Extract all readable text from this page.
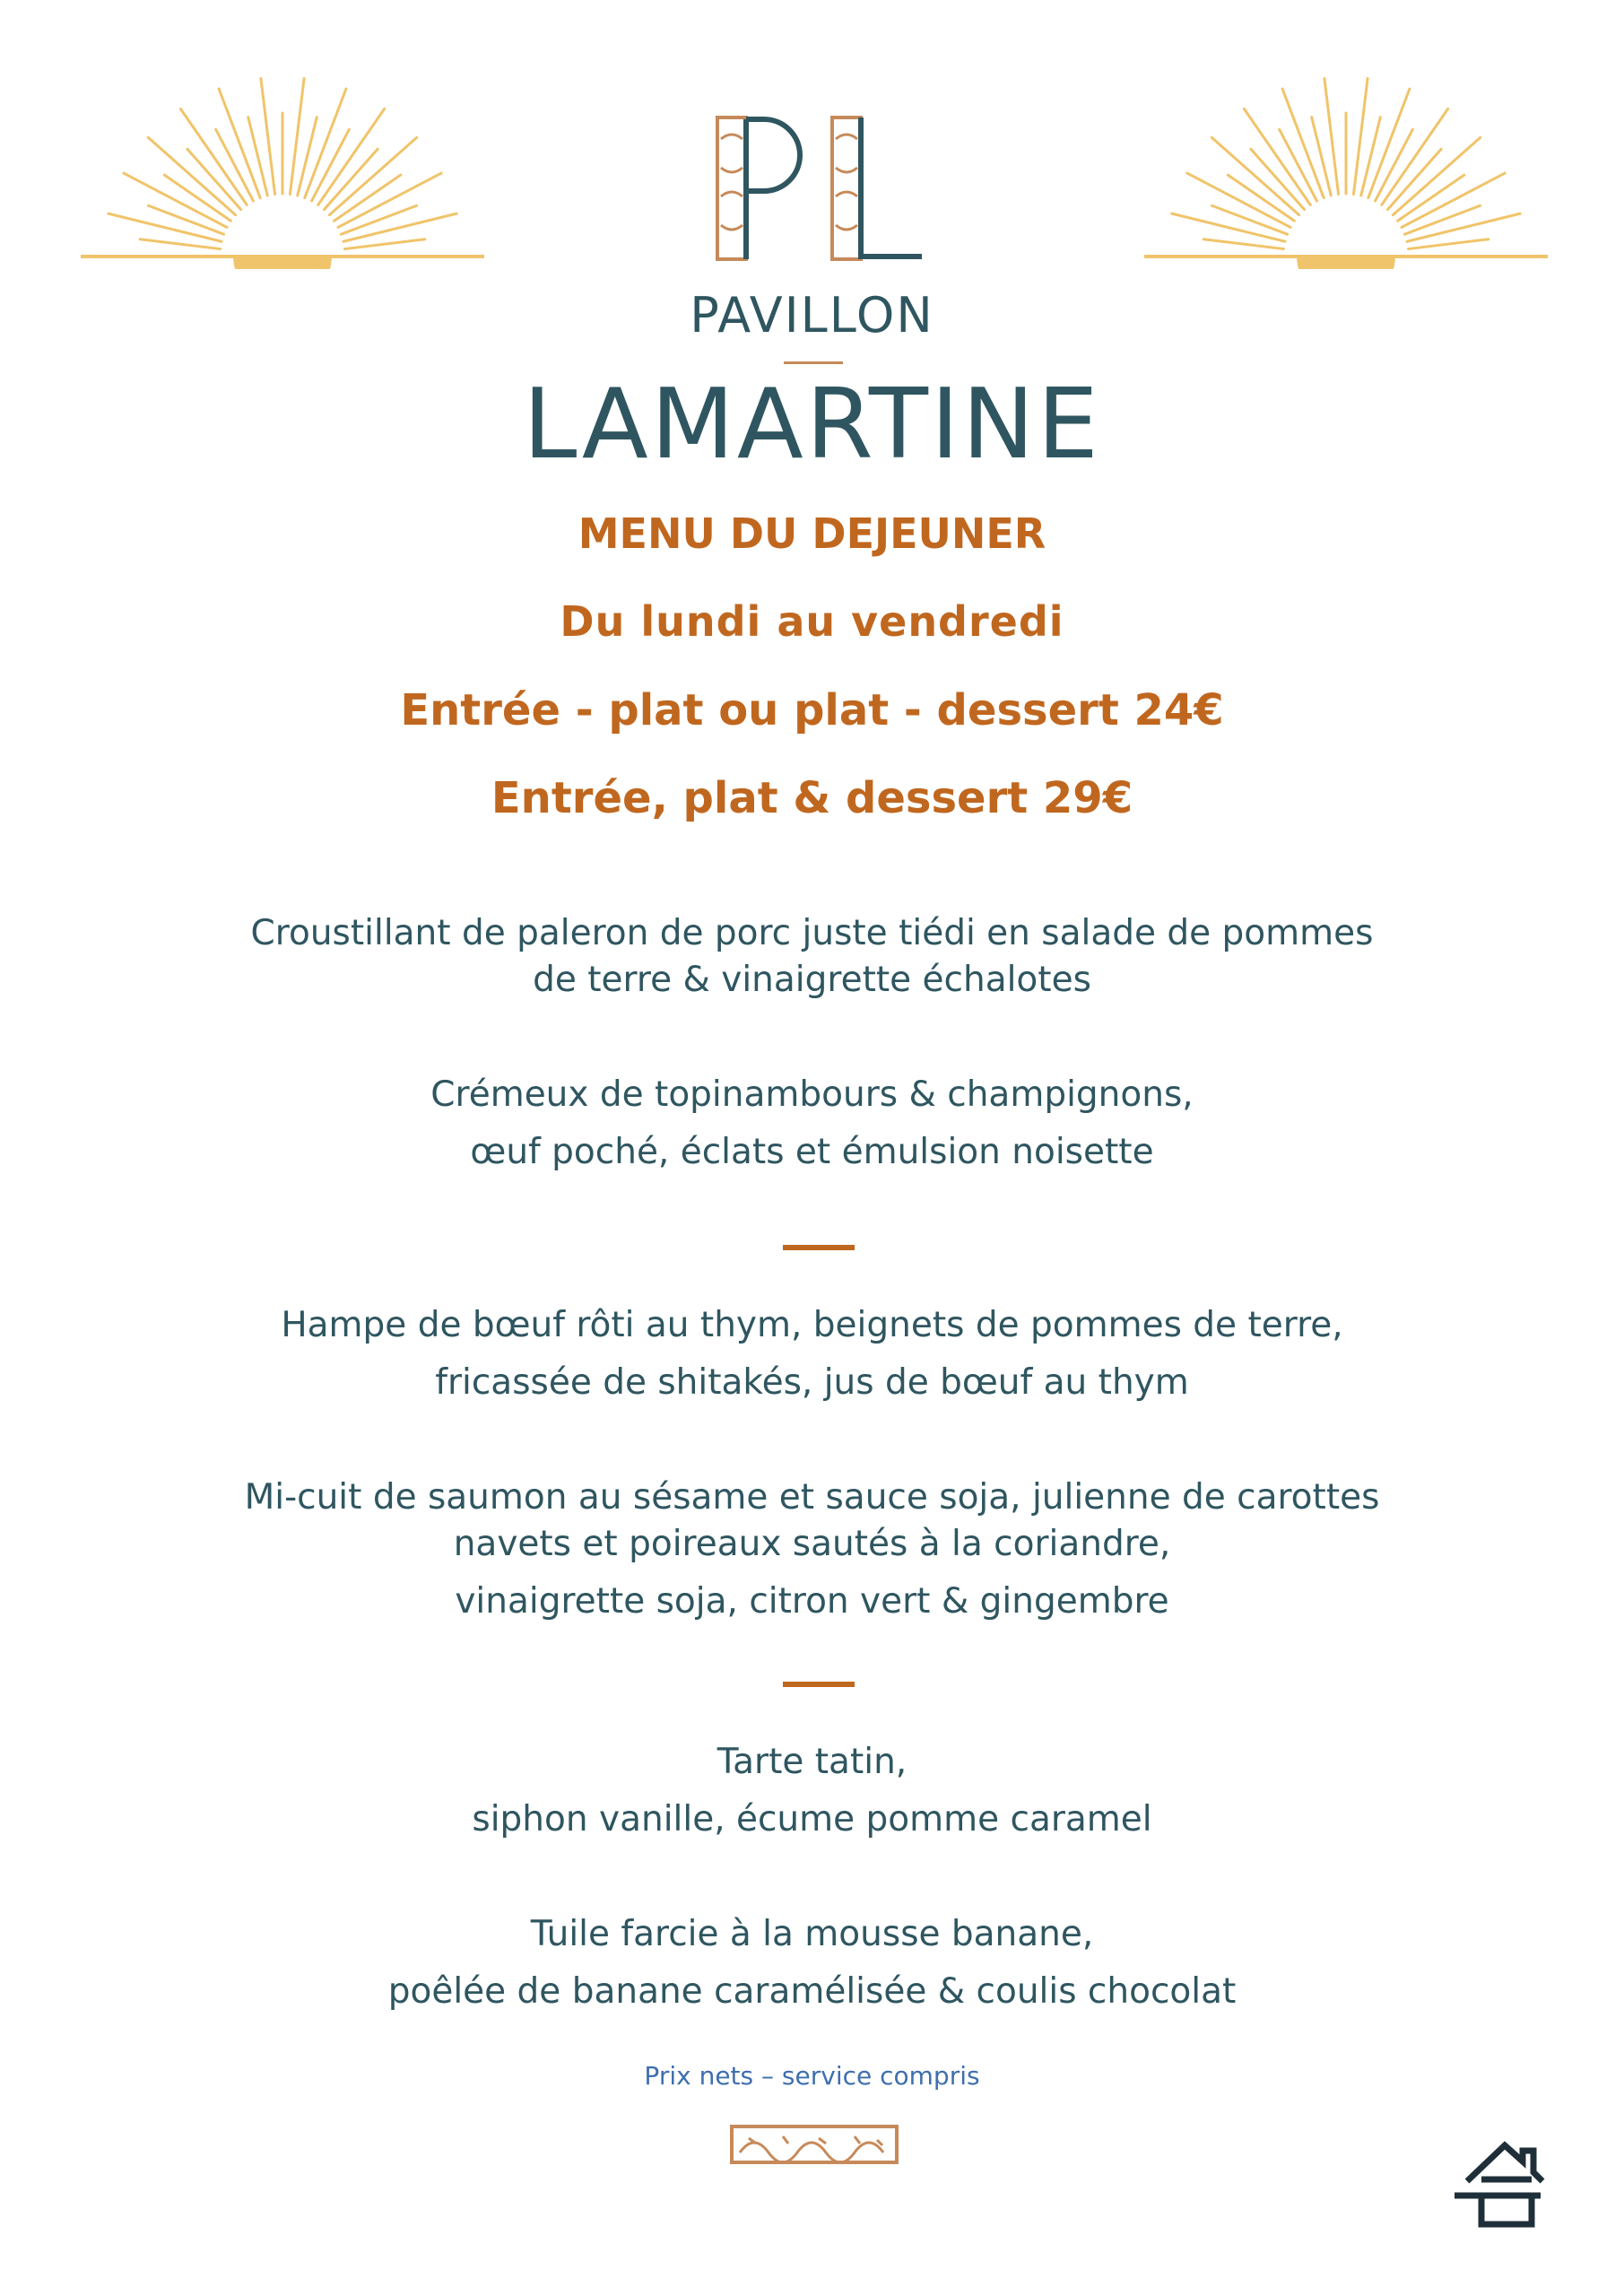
PAVILLON
LAMARTINE
MENU DU DEJEUNER
Du lundi au vendredi
Entrée - plat ou plat - dessert 24€
Entrée, plat & dessert 29€
Croustillant de paleron de porc juste tiédi en salade de pommes
de terre & vinaigrette échalotes
Crémeux de topinambours & champignons,
œuf poché, éclats et émulsion noisette
Hampe de bœuf rôti au thym, beignets de pommes de terre,
fricassée de shitakés, jus de bœuf au thym
Mi-cuit de saumon au sésame et sauce soja, julienne de carottes
navets et poireaux sautés à la coriandre,
vinaigrette soja, citron vert & gingembre
Tarte tatin,
siphon vanille, écume pomme caramel
Tuile farcie à la mousse banane,
poêlée de banane caramélisée & coulis chocolat
Prix nets – service compris
